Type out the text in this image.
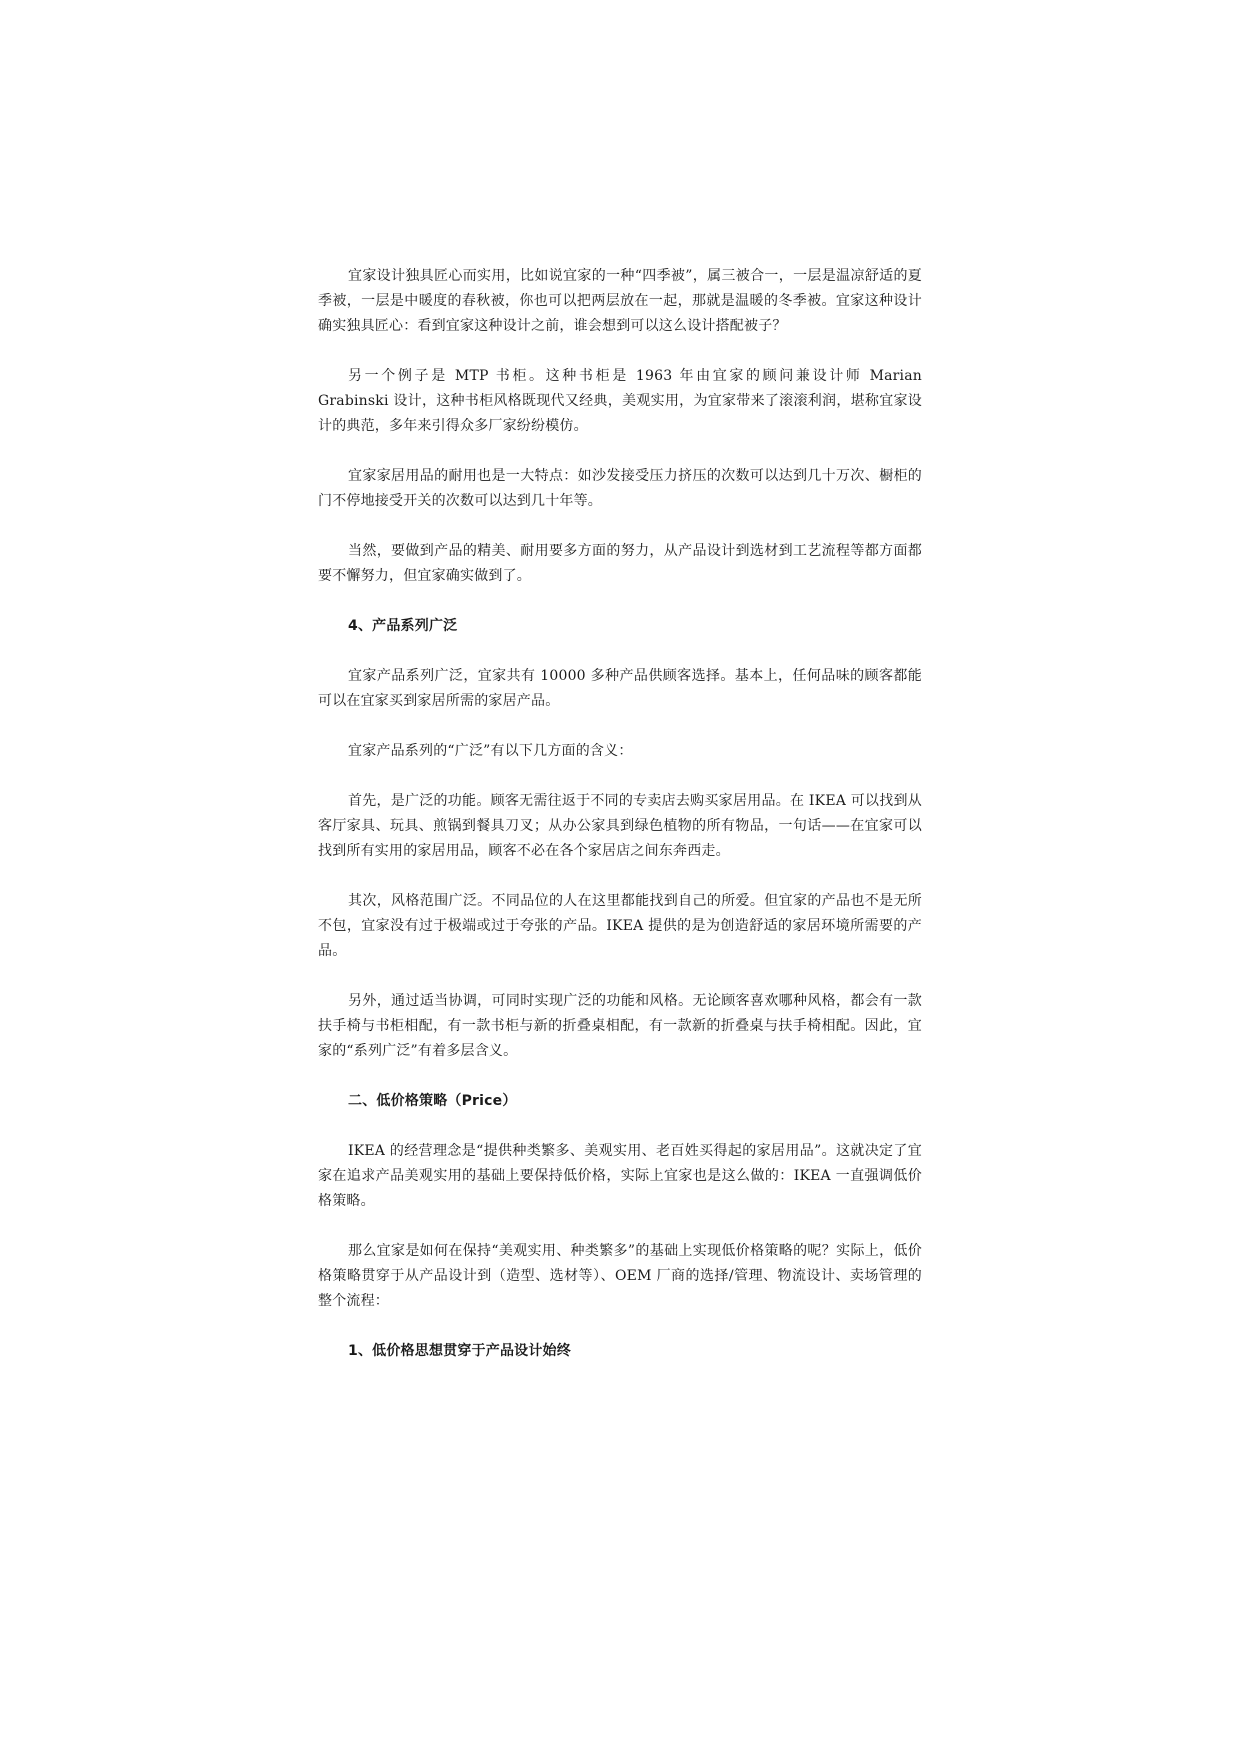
宜家设计独具匠心而实用，比如说宜家的一种“四季被”，属三被合一，一层是温凉舒适的夏季被，一层是中暖度的春秋被，你也可以把两层放在一起，那就是温暖的冬季被。宜家这种设计确实独具匠心：看到宜家这种设计之前，谁会想到可以这么设计搭配被子？

另一个例子是 MTP 书柜。这种书柜是 1963 年由宜家的顾问兼设计师 Marian Grabinski 设计，这种书柜风格既现代又经典，美观实用，为宜家带来了滚滚利润，堪称宜家设计的典范，多年来引得众多厂家纷纷模仿。

宜家家居用品的耐用也是一大特点：如沙发接受压力挤压的次数可以达到几十万次、橱柜的门不停地接受开关的次数可以达到几十年等。

当然，要做到产品的精美、耐用要多方面的努力，从产品设计到选材到工艺流程等都方面都要不懈努力，但宜家确实做到了。

4、产品系列广泛

宜家产品系列广泛，宜家共有 10000 多种产品供顾客选择。基本上，任何品味的顾客都能可以在宜家买到家居所需的家居产品。

宜家产品系列的“广泛”有以下几方面的含义：

首先，是广泛的功能。顾客无需往返于不同的专卖店去购买家居用品。在 IKEA 可以找到从客厅家具、玩具、煎锅到餐具刀叉；从办公家具到绿色植物的所有物品，一句话——在宜家可以找到所有实用的家居用品，顾客不必在各个家居店之间东奔西走。

其次，风格范围广泛。不同品位的人在这里都能找到自己的所爱。但宜家的产品也不是无所不包，宜家没有过于极端或过于夸张的产品。IKEA 提供的是为创造舒适的家居环境所需要的产品。

另外，通过适当协调，可同时实现广泛的功能和风格。无论顾客喜欢哪种风格，都会有一款扶手椅与书柜相配，有一款书柜与新的折叠桌相配，有一款新的折叠桌与扶手椅相配。因此，宜家的“系列广泛”有着多层含义。

二、低价格策略（Price）

IKEA 的经营理念是“提供种类繁多、美观实用、老百姓买得起的家居用品”。这就决定了宜家在追求产品美观实用的基础上要保持低价格，实际上宜家也是这么做的：IKEA 一直强调低价格策略。

那么宜家是如何在保持“美观实用、种类繁多”的基础上实现低价格策略的呢？实际上，低价格策略贯穿于从产品设计到（造型、选材等）、OEM 厂商的选择/管理、物流设计、卖场管理的整个流程：

1、低价格思想贯穿于产品设计始终
